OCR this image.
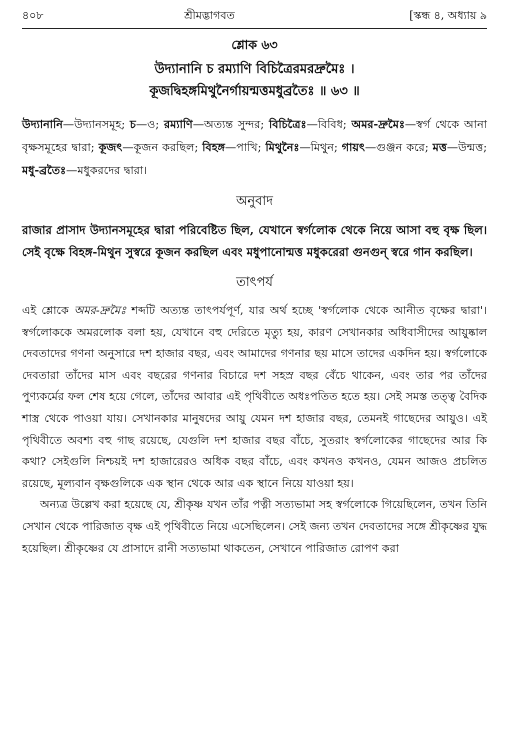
৪০৮	শ্রীমদ্ভাগবত	[স্কন্ধ ৪, অধ্যায় ৯
শ্লোক ৬৩
উদ্যানানি চ রম্যাণি বিচিত্রৈরমরদ্রুমৈঃ ।
কূজদ্বিহঙ্গমিথুনৈর্গায়ন্মত্তমধুব্রতৈঃ ॥ ৬৩ ॥
উদ্যানানি—উদ্যানসমূহ; চ—ও; রম্যাণি—অত্যন্ত সুন্দর; বিচিত্রৈঃ—বিবিধ; অমর-দ্রুমৈঃ—স্বর্গ থেকে আনা বৃক্ষসমূহের দ্বারা; কূজৎ—কূজন করছিল; বিহঙ্গ—পাখি; মিথুনৈঃ—মিথুন; গায়ৎ—গুঞ্জন করে; মত্ত—উন্মত্ত; মধু-ব্রতৈঃ—মধুকরদের দ্বারা।
অনুবাদ
রাজার প্রাসাদ উদ্যানসমূহের দ্বারা পরিবেষ্টিত ছিল, যেখানে স্বর্গলোক থেকে নিয়ে আসা বহু বৃক্ষ ছিল। সেই বৃক্ষে বিহঙ্গ-মিথুন সুস্বরে কূজন করছিল এবং মধুপানোন্মত্ত মধুকরেরা গুনগুন্ স্বরে গান করছিল।
তাৎপর্য

এই শ্লোকে অমর-দ্রুমৈঃ শব্দটি অত্যন্ত তাৎপর্যপূর্ণ, যার অর্থ হচ্ছে 'স্বর্গলোক থেকে আনীত বৃক্ষের দ্বারা'। স্বর্গলোককে অমরলোক বলা হয়, যেখানে বহু দেরিতে মৃত্যু হয়, কারণ সেখানকার অধিবাসীদের আয়ুষ্কাল দেবতাদের গণনা অনুসারে দশ হাজার বছর, এবং আমাদের গণনার ছয় মাসে তাদের একদিন হয়। স্বর্গলোকে দেবতারা তাঁদের মাস এবং বছরের গণনার বিচারে দশ সহস্র বছর বেঁচে থাকেন, এবং তার পর তাঁদের পুণ্যকর্মের ফল শেষ হয়ে গেলে, তাঁদের আবার এই পৃথিবীতে অধঃপতিত হতে হয়। সেই সমস্ত তত্ত্ব বৈদিক শাস্ত্র থেকে পাওয়া যায়। সেখানকার মানুষদের আয়ু যেমন দশ হাজার বছর, তেমনই গাছেদের আয়ুও। এই পৃথিবীতে অবশ্য বহু গাছ রয়েছে, যেগুলি দশ হাজার বছর বাঁচে, সুতরাং স্বর্গলোকের গাছেদের আর কি কথা? সেইগুলি নিশ্চয়ই দশ হাজারেরও অধিক বছর বাঁচে, এবং কখনও কখনও, যেমন আজও প্রচলিত রয়েছে, মূল্যবান বৃক্ষগুলিকে এক স্থান থেকে আর এক স্থানে নিয়ে যাওয়া হয়।

অন্যত্র উল্লেখ করা হয়েছে যে, শ্রীকৃষ্ণ যখন তাঁর পত্নী সত্যভামা সহ স্বর্গলোকে গিয়েছিলেন, তখন তিনি সেখান থেকে পারিজাত বৃক্ষ এই পৃথিবীতে নিয়ে এসেছিলেন। সেই জন্য তখন দেবতাদের সঙ্গে শ্রীকৃষ্ণের যুদ্ধ হয়েছিল। শ্রীকৃষ্ণের যে প্রাসাদে রানী সত্যভামা থাকতেন, সেখানে পারিজাত রোপণ করা
